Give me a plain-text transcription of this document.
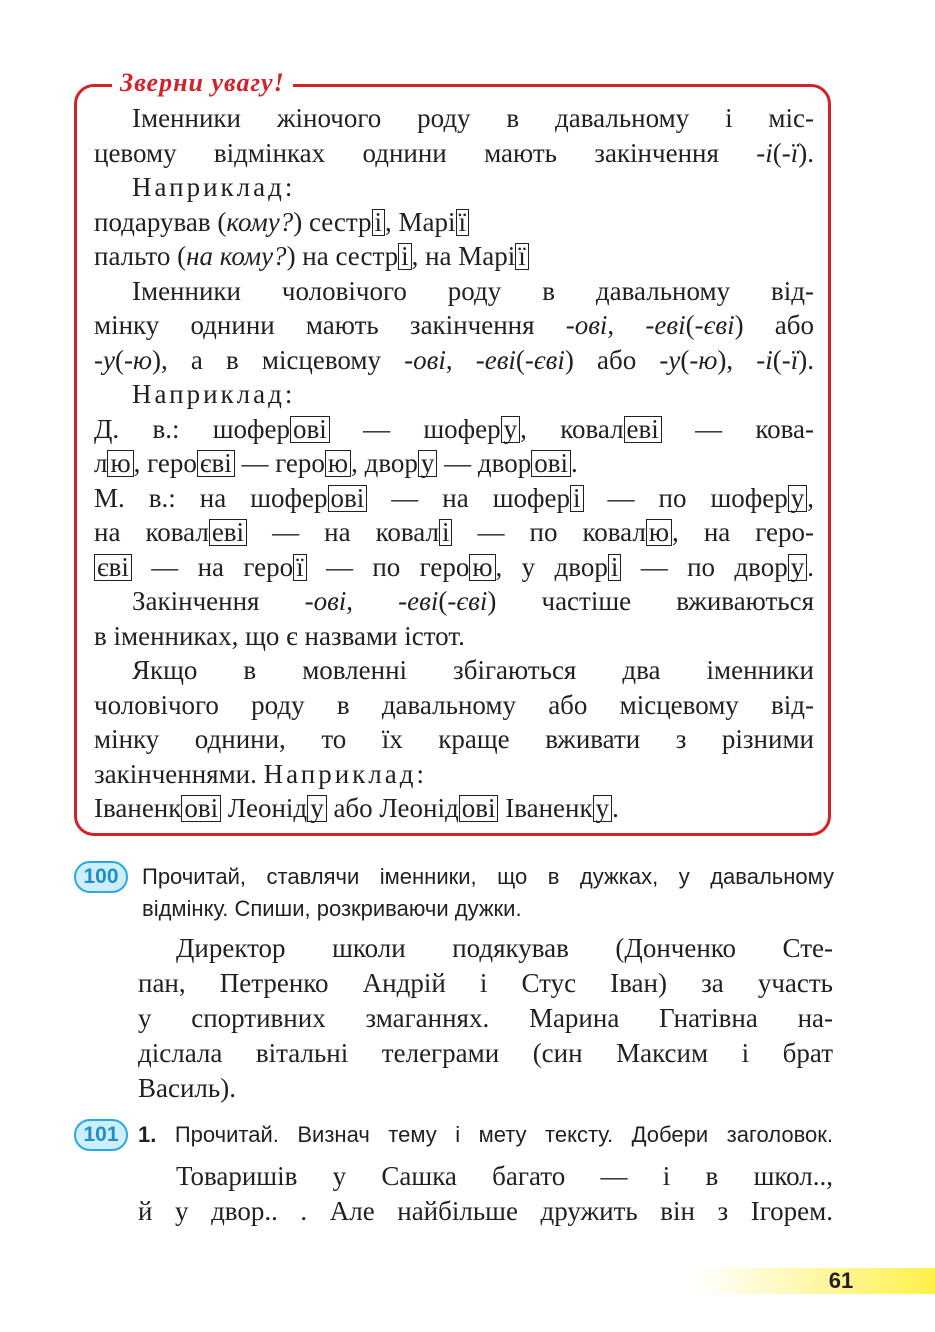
Зверни увагу!
Іменники жіночого роду в давальному і міс-
цевому відмінках однини мають закінчення -і(-ї).
Наприклад:
подарував (кому?) сестр і , Марі ї
пальто (на кому?) на сестр і , на Марі ї
Іменники чоловічого роду в давальному від-
мінку однини мають закінчення -ові, -еві(-єві) або
-у(-ю), а в місцевому -ові, -еві(-єві) або -у(-ю), -і(-ї).
Наприклад:
Д. в.: шофер ові — шофер у , ковал еві — кова-
л ю , геро єві — геро ю , двор у — двор ові .
М. в.: на шофер ові — на шофер і — по шофер у ,
на ковал еві — на ковал і — по ковал ю , на геро-
єві — на геро ї — по геро ю , у двор і — по двор у .
Закінчення -ові, -еві(-єві) частіше вживаються
в іменниках, що є назвами істот.
Якщо в мовленні збігаються два іменники
чоловічого роду в давальному або місцевому від-
мінку однини, то їх краще вживати з різними
закінченнями. Наприклад:
Іваненк ові Леонід у або Леонід ові Іваненк у .
100	Прочитай, ставлячи іменники, що в дужках, у давальному
відмінку. Спиши, розкриваючи дужки.
Директор школи подякував (Донченко Сте-
пан, Петренко Андрій і Стус Іван) за участь
у спортивних змаганнях. Марина Гнатівна на-
діслала вітальні телеграми (син Максим і брат
Василь).
101 1. Прочитай. Визнач тему і мету тексту. Добери заголовок.
Товаришів у Сашка багато — і в школ..,
й у двор.. . Але найбільше дружить він з Ігорем.
61
